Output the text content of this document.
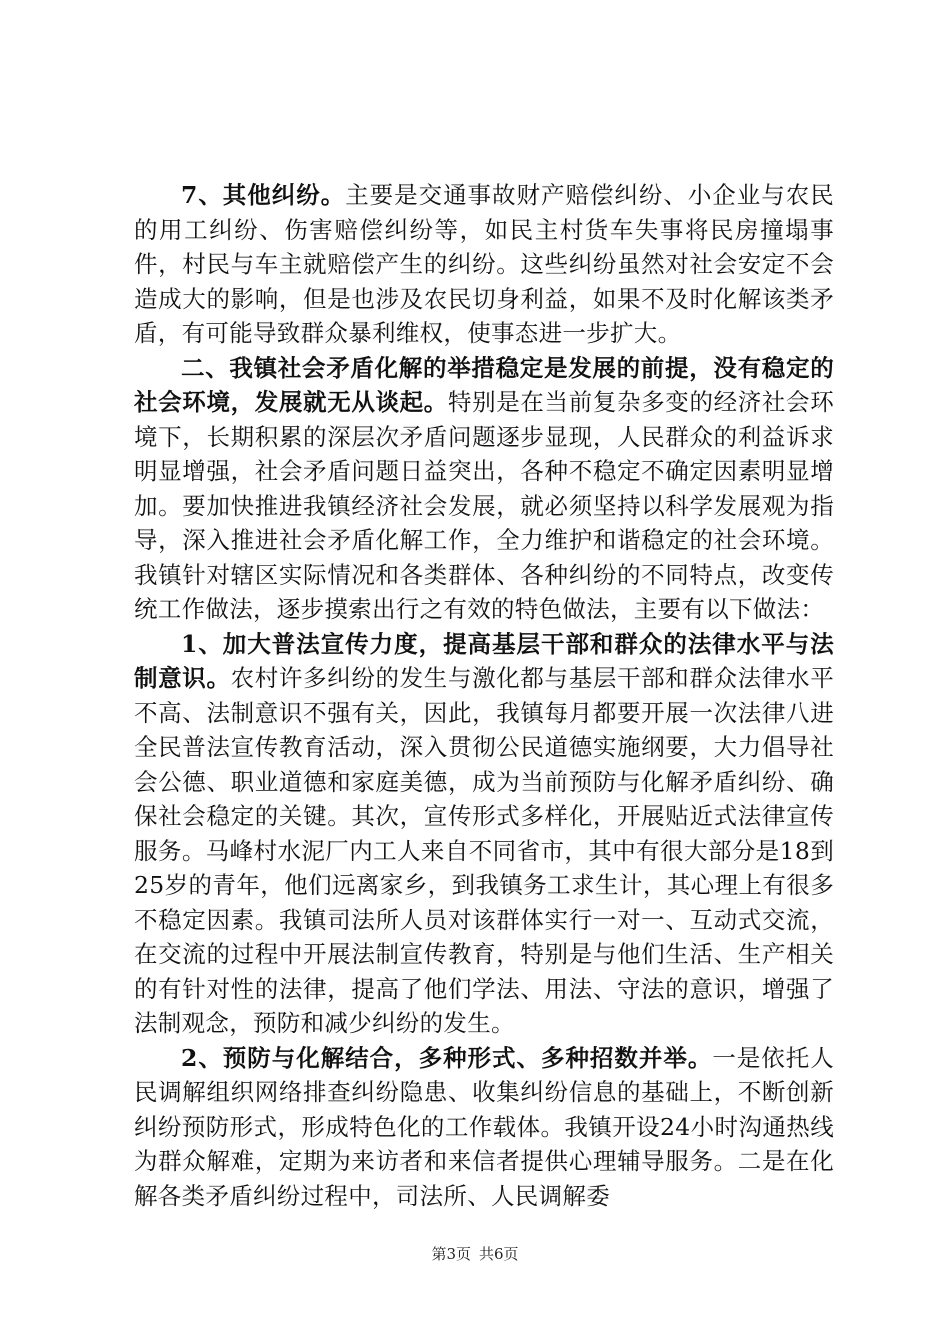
7、其他纠纷。主要是交通事故财产赔偿纠纷、小企业与农民的用工纠纷、伤害赔偿纠纷等，如民主村货车失事将民房撞塌事件，村民与车主就赔偿产生的纠纷。这些纠纷虽然对社会安定不会造成大的影响，但是也涉及农民切身利益，如果不及时化解该类矛盾，有可能导致群众暴利维权，使事态进一步扩大。

二、我镇社会矛盾化解的举措稳定是发展的前提，没有稳定的社会环境，发展就无从谈起。特别是在当前复杂多变的经济社会环境下，长期积累的深层次矛盾问题逐步显现，人民群众的利益诉求明显增强，社会矛盾问题日益突出，各种不稳定不确定因素明显增加。要加快推进我镇经济社会发展，就必须坚持以科学发展观为指导，深入推进社会矛盾化解工作，全力维护和谐稳定的社会环境。我镇针对辖区实际情况和各类群体、各种纠纷的不同特点，改变传统工作做法，逐步摸索出行之有效的特色做法，主要有以下做法：

1、加大普法宣传力度，提高基层干部和群众的法律水平与法制意识。农村许多纠纷的发生与激化都与基层干部和群众法律水平不高、法制意识不强有关，因此，我镇每月都要开展一次法律八进全民普法宣传教育活动，深入贯彻公民道德实施纲要，大力倡导社会公德、职业道德和家庭美德，成为当前预防与化解矛盾纠纷、确保社会稳定的关键。其次，宣传形式多样化，开展贴近式法律宣传服务。马峰村水泥厂内工人来自不同省市，其中有很大部分是18到25岁的青年，他们远离家乡，到我镇务工求生计，其心理上有很多不稳定因素。我镇司法所人员对该群体实行一对一、互动式交流，在交流的过程中开展法制宣传教育，特别是与他们生活、生产相关的有针对性的法律，提高了他们学法、用法、守法的意识，增强了法制观念，预防和减少纠纷的发生。

2、预防与化解结合，多种形式、多种招数并举。一是依托人民调解组织网络排查纠纷隐患、收集纠纷信息的基础上，不断创新纠纷预防形式，形成特色化的工作载体。我镇开设24小时沟通热线为群众解难，定期为来访者和来信者提供心理辅导服务。二是在化解各类矛盾纠纷过程中，司法所、人民调解委

第3页 共6页
